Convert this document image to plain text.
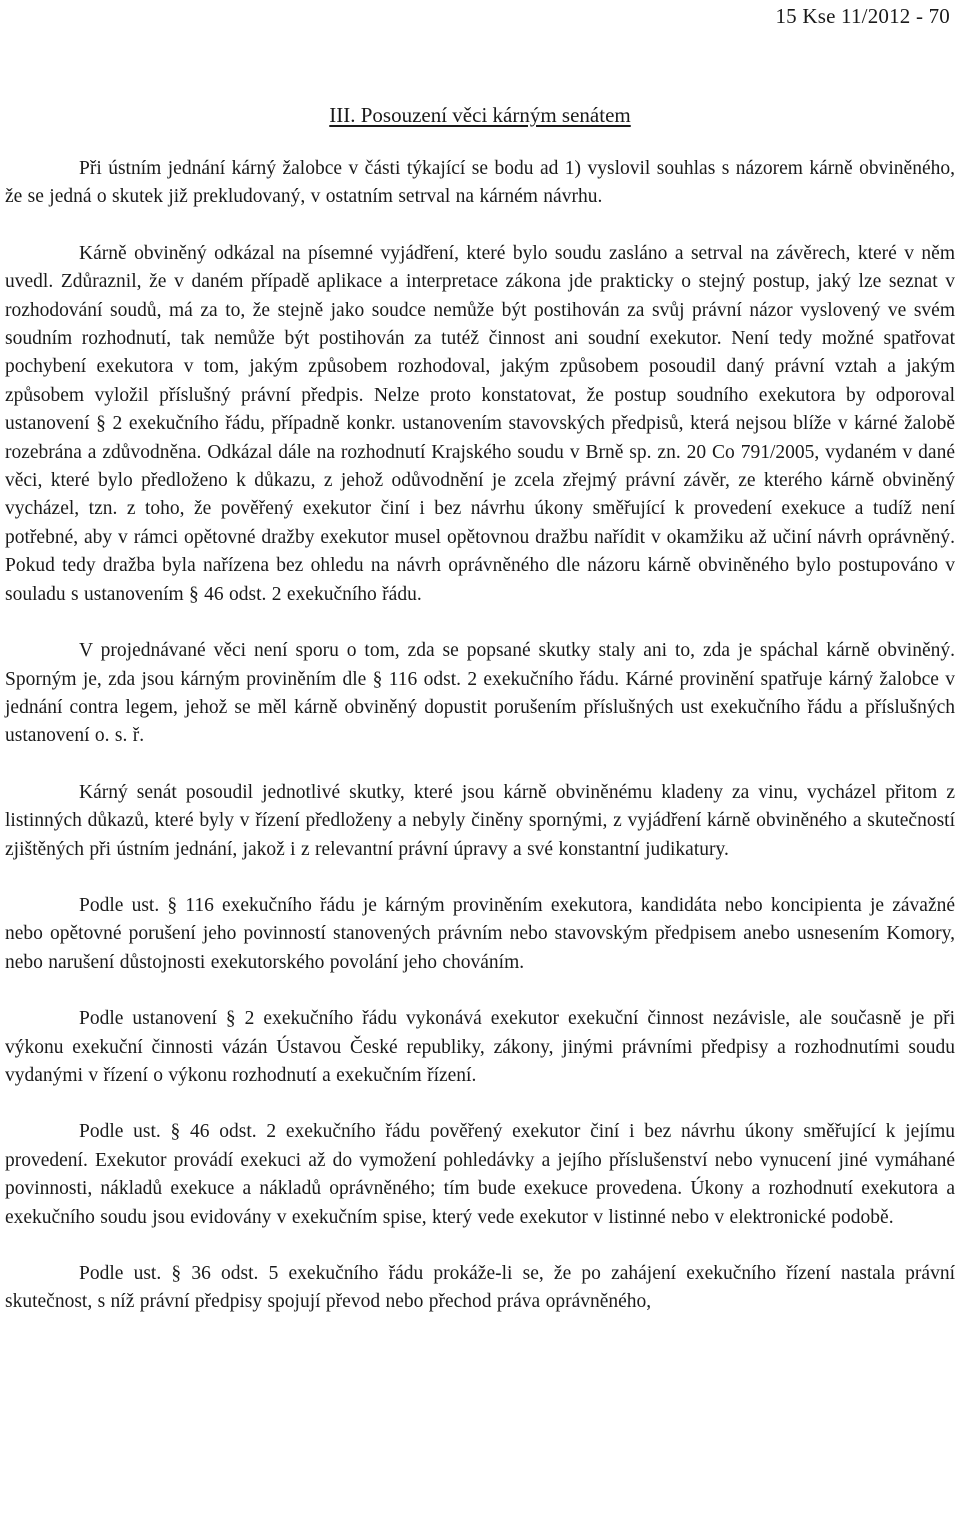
15 Kse 11/2012 - 70
III. Posouzení věci kárným senátem

Při ústním jednání kárný žalobce v části týkající se bodu ad 1) vyslovil souhlas s názorem kárně obviněného, že se jedná o skutek již prekludovaný, v ostatním setrval na kárném návrhu.

Kárně obviněný odkázal na písemné vyjádření, které bylo soudu zasláno a setrval na závěrech, které v něm uvedl. Zdůraznil, že v daném případě aplikace a interpretace zákona jde prakticky o stejný postup, jaký lze seznat v rozhodování soudů, má za to, že stejně jako soudce nemůže být postihován za svůj právní názor vyslovený ve svém soudním rozhodnutí, tak nemůže být postihován za tutéž činnost ani soudní exekutor. Není tedy možné spatřovat pochybení exekutora v tom, jakým způsobem rozhodoval, jakým způsobem posoudil daný právní vztah a jakým způsobem vyložil příslušný právní předpis. Nelze proto konstatovat, že postup soudního exekutora by odporoval ustanovení § 2 exekučního řádu, případně konkr. ustanovením stavovských předpisů, která nejsou blíže v kárné žalobě rozebrána a zdůvodněna. Odkázal dále na rozhodnutí Krajského soudu v Brně sp. zn. 20 Co 791/2005, vydaném v dané věci, které bylo předloženo k důkazu, z jehož odůvodnění je zcela zřejmý právní závěr, ze kterého kárně obviněný vycházel, tzn. z toho, že pověřený exekutor činí i bez návrhu úkony směřující k provedení exekuce a tudíž není potřebné, aby v rámci opětovné dražby exekutor musel opětovnou dražbu nařídit v okamžiku až učiní návrh oprávněný. Pokud tedy dražba byla nařízena bez ohledu na návrh oprávněného dle názoru kárně obviněného bylo postupováno v souladu s ustanovením § 46 odst. 2 exekučního řádu.

V projednávané věci není sporu o tom, zda se popsané skutky staly ani to, zda je spáchal kárně obviněný. Sporným je, zda jsou kárným proviněním dle § 116 odst. 2 exekučního řádu. Kárné provinění spatřuje kárný žalobce v jednání contra legem, jehož se měl kárně obviněný dopustit porušením příslušných ust exekučního řádu a příslušných ustanovení o. s. ř.

Kárný senát posoudil jednotlivé skutky, které jsou kárně obviněnému kladeny za vinu, vycházel přitom z listinných důkazů, které byly v řízení předloženy a nebyly činěny spornými, z vyjádření kárně obviněného a skutečností zjištěných při ústním jednání, jakož i z relevantní právní úpravy a své konstantní judikatury.

Podle ust. § 116 exekučního řádu je kárným proviněním exekutora, kandidáta nebo koncipienta je závažné nebo opětovné porušení jeho povinností stanovených právním nebo stavovským předpisem anebo usnesením Komory, nebo narušení důstojnosti exekutorského povolání jeho chováním.

Podle ustanovení § 2 exekučního řádu vykonává exekutor exekuční činnost nezávisle, ale současně je při výkonu exekuční činnosti vázán Ústavou České republiky, zákony, jinými právními předpisy a rozhodnutími soudu vydanými v řízení o výkonu rozhodnutí a exekučním řízení.

Podle ust. § 46 odst. 2 exekučního řádu pověřený exekutor činí i bez návrhu úkony směřující k jejímu provedení. Exekutor provádí exekuci až do vymožení pohledávky a jejího příslušenství nebo vynucení jiné vymáhané povinnosti, nákladů exekuce a nákladů oprávněného; tím bude exekuce provedena. Úkony a rozhodnutí exekutora a exekučního soudu jsou evidovány v exekučním spise, který vede exekutor v listinné nebo v elektronické podobě.

Podle ust. § 36 odst. 5 exekučního řádu prokáže-li se, že po zahájení exekučního řízení nastala právní skutečnost, s níž právní předpisy spojují převod nebo přechod práva oprávněného,
